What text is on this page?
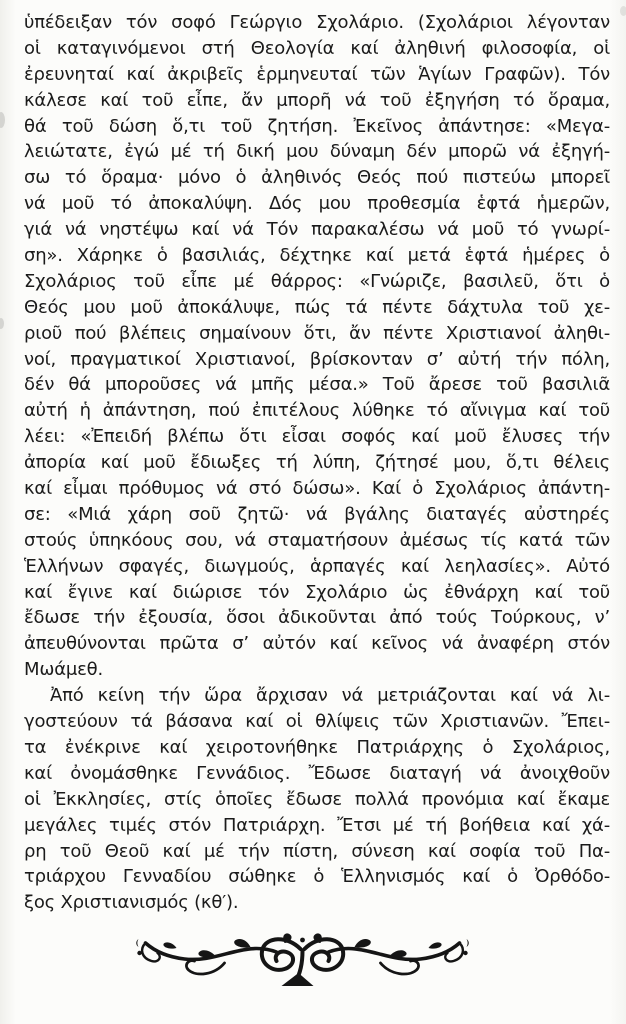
ὑπέδειξαν τόν σοφό Γεώργιο Σχολάριο. (Σχολάριοι λέγονταν
οἱ καταγινόμενοι στή Θεολογία καί ἀληθινή φιλοσοφία, οἱ
ἐρευνηταί καί ἀκριβεῖς ἑρμηνευταί τῶν Ἁγίων Γραφῶν). Τόν
κάλεσε καί τοῦ εἶπε, ἄν μπορῆ νά τοῦ ἐξηγήση τό ὅραμα,
θά τοῦ δώση ὅ,τι τοῦ ζητήση. Ἐκεῖνος ἀπάντησε: «Μεγα-
λειώτατε, ἐγώ μέ τή δική μου δύναμη δέν μπορῶ νά ἐξηγή-
σω τό ὅραμα· μόνο ὁ ἀληθινός Θεός πού πιστεύω μπορεῖ
νά μοῦ τό ἀποκαλύψη. Δός μου προθεσμία ἑφτά ἡμερῶν,
γιά νά νηστέψω καί νά Τόν παρακαλέσω νά μοῦ τό γνωρί-
ση». Χάρηκε ὁ βασιλιάς, δέχτηκε καί μετά ἑφτά ἡμέρες ὁ
Σχολάριος τοῦ εἶπε μέ θάρρος: «Γνώριζε, βασιλεῦ, ὅτι ὁ
Θεός μου μοῦ ἀποκάλυψε, πώς τά πέντε δάχτυλα τοῦ χε-
ριοῦ πού βλέπεις σημαίνουν ὅτι, ἄν πέντε Χριστιανοί ἀληθι-
νοί, πραγματικοί Χριστιανοί, βρίσκονταν σ’ αὐτή τήν πόλη,
δέν θά μποροῦσες νά μπῆς μέσα.» Τοῦ ἄρεσε τοῦ βασιλιᾶ
αὐτή ἡ ἀπάντηση, πού ἐπιτέλους λύθηκε τό αἴνιγμα καί τοῦ
λέει: «Ἐπειδή βλέπω ὅτι εἶσαι σοφός καί μοῦ ἔλυσες τήν
ἀπορία καί μοῦ ἔδιωξες τή λύπη, ζήτησέ μου, ὅ,τι θέλεις
καί εἶμαι πρόθυμος νά στό δώσω». Καί ὁ Σχολάριος ἀπάντη-
σε: «Μιά χάρη σοῦ ζητῶ· νά βγάλης διαταγές αὐστηρές
στούς ὑπηκόους σου, νά σταματήσουν ἀμέσως τίς κατά τῶν
Ἑλλήνων σφαγές, διωγμούς, ἁρπαγές καί λεηλασίες». Αὐτό
καί ἔγινε καί διώρισε τόν Σχολάριο ὡς ἐθνάρχη καί τοῦ
ἔδωσε τήν ἐξουσία, ὅσοι ἀδικοῦνται ἀπό τούς Τούρκους, ν’
ἀπευθύνονται πρῶτα σ’ αὐτόν καί κεῖνος νά ἀναφέρη στόν
Μωάμεθ.
Ἀπό κείνη τήν ὥρα ἄρχισαν νά μετριάζονται καί νά λι-
γοστεύουν τά βάσανα καί οἱ θλίψεις τῶν Χριστιανῶν. Ἔπει-
τα ἐνέκρινε καί χειροτονήθηκε Πατριάρχης ὁ Σχολάριος,
καί ὀνομάσθηκε Γεννάδιος. Ἔδωσε διαταγή νά ἀνοιχθοῦν
οἱ Ἐκκλησίες, στίς ὁποῖες ἔδωσε πολλά προνόμια καί ἔκαμε
μεγάλες τιμές στόν Πατριάρχη. Ἔτσι μέ τή βοήθεια καί χά-
ρη τοῦ Θεοῦ καί μέ τήν πίστη, σύνεση καί σοφία τοῦ Πα-
τριάρχου Γενναδίου σώθηκε ὁ Ἑλληνισμός καί ὁ Ὀρθόδο-
ξος Χριστιανισμός (κθ′).
